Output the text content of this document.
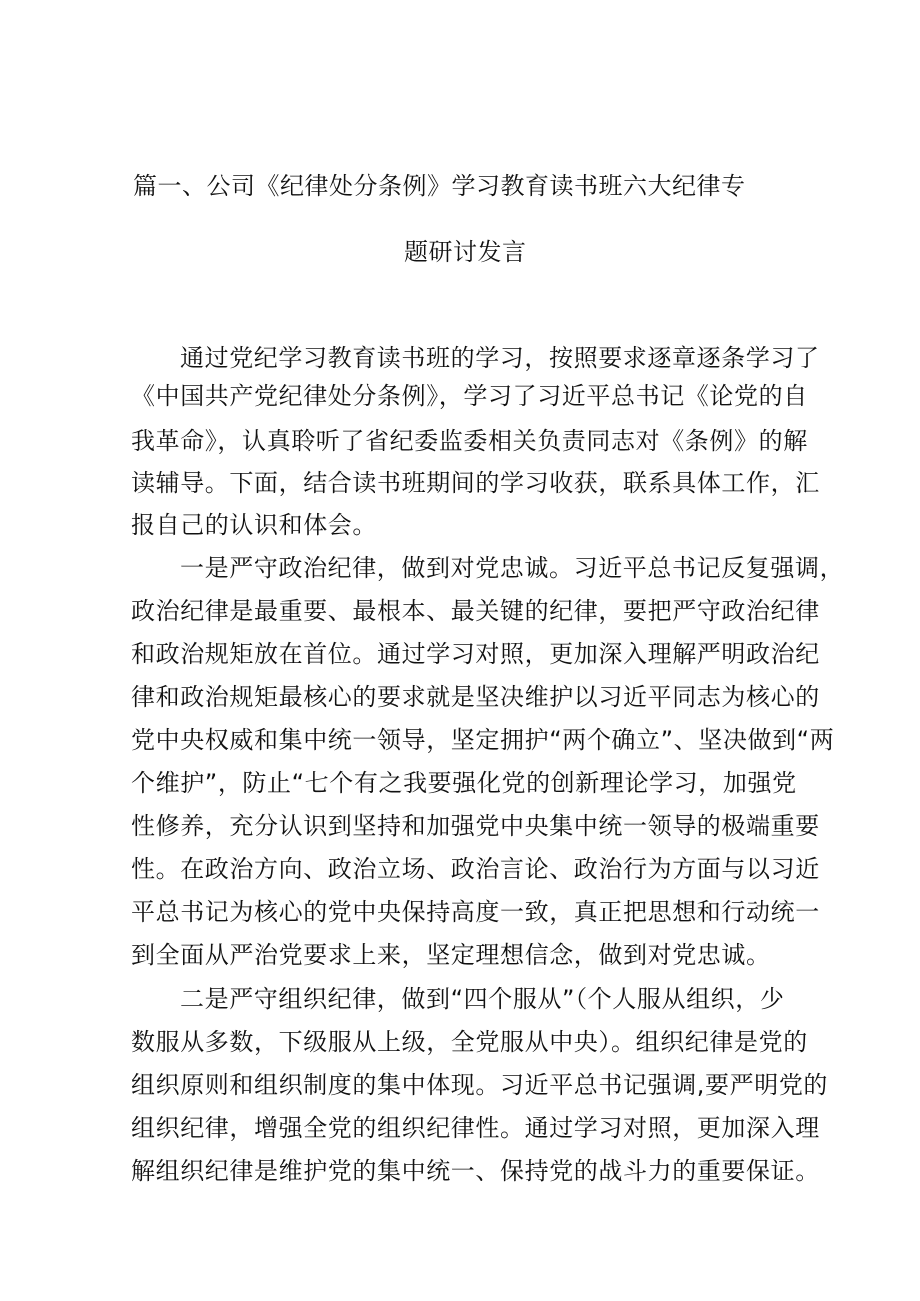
篇一、公司《纪律处分条例》学习教育读书班六大纪律专
题研讨发言
通过党纪学习教育读书班的学习，按照要求逐章逐条学习了
《中国共产党纪律处分条例》，学习了习近平总书记《论党的自
我革命》，认真聆听了省纪委监委相关负责同志对《条例》的解
读辅导。下面，结合读书班期间的学习收获，联系具体工作，汇
报自己的认识和体会。
一是严守政治纪律，做到对党忠诚。习近平总书记反复强调，
政治纪律是最重要、最根本、最关键的纪律，要把严守政治纪律
和政治规矩放在首位。通过学习对照，更加深入理解严明政治纪
律和政治规矩最核心的要求就是坚决维护以习近平同志为核心的
党中央权威和集中统一领导，坚定拥护“两个确立”、坚决做到“两
个维护”，防止“七个有之我要强化党的创新理论学习，加强党
性修养，充分认识到坚持和加强党中央集中统一领导的极端重要
性。在政治方向、政治立场、政治言论、政治行为方面与以习近
平总书记为核心的党中央保持高度一致，真正把思想和行动统一
到全面从严治党要求上来，坚定理想信念，做到对党忠诚。
二是严守组织纪律，做到“四个服从”（个人服从组织，少
数服从多数，下级服从上级，全党服从中央）。组织纪律是党的
组织原则和组织制度的集中体现。习近平总书记强调,要严明党的
组织纪律，增强全党的组织纪律性。通过学习对照，更加深入理
解组织纪律是维护党的集中统一、保持党的战斗力的重要保证。
